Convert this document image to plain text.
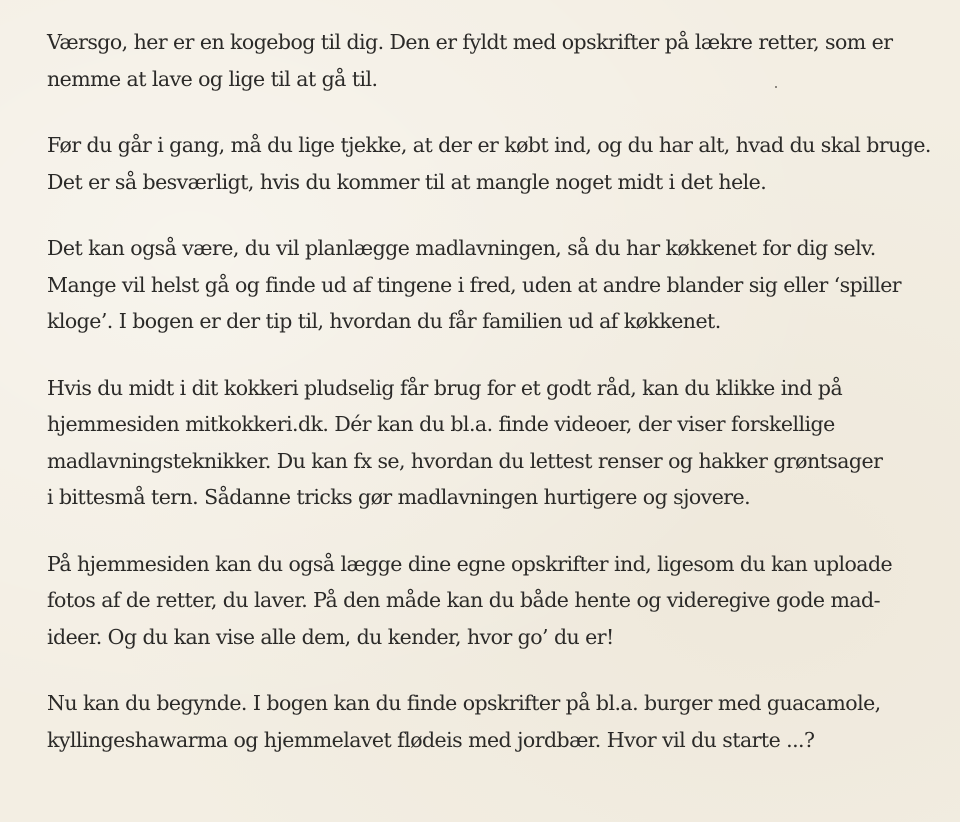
Værsgo, her er en kogebog til dig. Den er fyldt med opskrifter på lækre retter, som er
nemme at lave og lige til at gå til.
Før du går i gang, må du lige tjekke, at der er købt ind, og du har alt, hvad du skal bruge.
Det er så besværligt, hvis du kommer til at mangle noget midt i det hele.
Det kan også være, du vil planlægge madlavningen, så du har køkkenet for dig selv.
Mange vil helst gå og finde ud af tingene i fred, uden at andre blander sig eller ‘spiller
kloge’. I bogen er der tip til, hvordan du får familien ud af køkkenet.
Hvis du midt i dit kokkeri pludselig får brug for et godt råd, kan du klikke ind på
hjemmesiden mitkokkeri.dk. Dér kan du bl.a. finde videoer, der viser forskellige
madlavningsteknikker. Du kan fx se, hvordan du lettest renser og hakker grøntsager
i bittesmå tern. Sådanne tricks gør madlavningen hurtigere og sjovere.
På hjemmesiden kan du også lægge dine egne opskrifter ind, ligesom du kan uploade
fotos af de retter, du laver. På den måde kan du både hente og videregive gode mad-
ideer. Og du kan vise alle dem, du kender, hvor go’ du er!
Nu kan du begynde. I bogen kan du finde opskrifter på bl.a. burger med guacamole,
kyllingeshawarma og hjemmelavet flødeis med jordbær. Hvor vil du starte ...?
